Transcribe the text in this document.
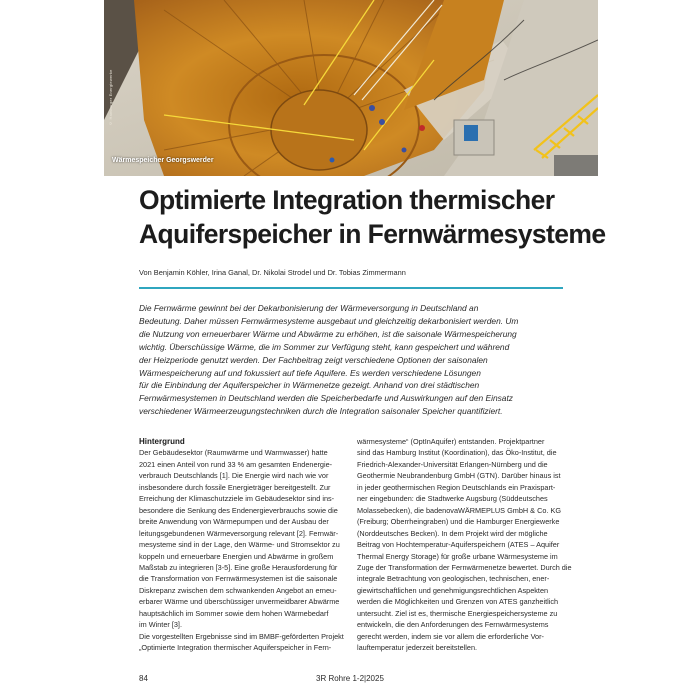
© Hamburger Energiewerke
Wärmespeicher Georgswerder
Optimierte Integration thermischer
Aquiferspeicher in Fernwärmesysteme
Von Benjamin Köhler, Irina Ganal, Dr. Nikolai Strodel und Dr. Tobias Zimmermann
Die Fernwärme gewinnt bei der Dekarbonisierung der Wärmeversorgung in Deutschland an
Bedeutung. Daher müssen Fernwärmesysteme ausgebaut und gleichzeitig dekarbonisiert werden. Um
die Nutzung von erneuerbarer Wärme und Abwärme zu erhöhen, ist die saisonale Wärmespeicherung
wichtig. Überschüssige Wärme, die im Sommer zur Verfügung steht, kann gespeichert und während
der Heizperiode genutzt werden. Der Fachbeitrag zeigt verschiedene Optionen der saisonalen
Wärmespeicherung auf und fokussiert auf tiefe Aquifere. Es werden verschiedene Lösungen
für die Einbindung der Aquiferspeicher in Wärmenetze gezeigt. Anhand von drei städtischen
Fernwärmesystemen in Deutschland werden die Speicherbedarfe und Auswirkungen auf den Einsatz
verschiedener Wärmeerzeugungstechniken durch die Integration saisonaler Speicher quantifiziert.
Hintergrund
Der Gebäudesektor (Raumwärme und Warmwasser) hatte
2021 einen Anteil von rund 33 % am gesamten Endenergie-
verbrauch Deutschlands [1]. Die Energie wird nach wie vor
insbesondere durch fossile Energieträger bereitgestellt. Zur
Erreichung der Klimaschutzziele im Gebäudesektor sind ins-
besondere die Senkung des Endenergieverbrauchs sowie die
breite Anwendung von Wärmepumpen und der Ausbau der
leitungsgebundenen Wärmeversorgung relevant [2]. Fernwär-
mesysteme sind in der Lage, den Wärme- und Stromsektor zu
koppeln und erneuerbare Energien und Abwärme in großem
Maßstab zu integrieren [3-5]. Eine große Herausforderung für
die Transformation von Fernwärmesystemen ist die saisonale
Diskrepanz zwischen dem schwankenden Angebot an erneu-
erbarer Wärme und überschüssiger unvermeidbarer Abwärme
hauptsächlich im Sommer sowie dem hohen Wärmebedarf
im Winter [3].
Die vorgestellten Ergebnisse sind im BMBF-geförderten Projekt
„Optimierte Integration thermischer Aquiferspeicher in Fern-
wärmesysteme“ (OptInAquifer) entstanden. Projektpartner
sind das Hamburg Institut (Koordination), das Öko-Institut, die
Friedrich-Alexander-Universität Erlangen-Nürnberg und die
Geothermie Neubrandenburg GmbH (GTN). Darüber hinaus ist
in jeder geothermischen Region Deutschlands ein Praxispart-
ner eingebunden: die Stadtwerke Augsburg (Süddeutsches
Molassebecken), die badenovaWÄRMEPLUS GmbH & Co. KG
(Freiburg; Oberrheingraben) und die Hamburger Energiewerke
(Norddeutsches Becken). In dem Projekt wird der mögliche
Beitrag von Hochtemperatur-Aquiferspeichern (ATES – Aquifer
Thermal Energy Storage) für große urbane Wärmesysteme im
Zuge der Transformation der Fernwärmenetze bewertet. Durch die
integrale Betrachtung von geologischen, technischen, ener-
giewirtschaftlichen und genehmigungsrechtlichen Aspekten
werden die Möglichkeiten und Grenzen von ATES ganzheitlich
untersucht. Ziel ist es, thermische Energiespeichersysteme zu
entwickeln, die den Anforderungen des Fernwärmesystems
gerecht werden, indem sie vor allem die erforderliche Vor-
lauftemperatur jederzeit bereitstellen.
84	3R Rohre 1-2|2025
